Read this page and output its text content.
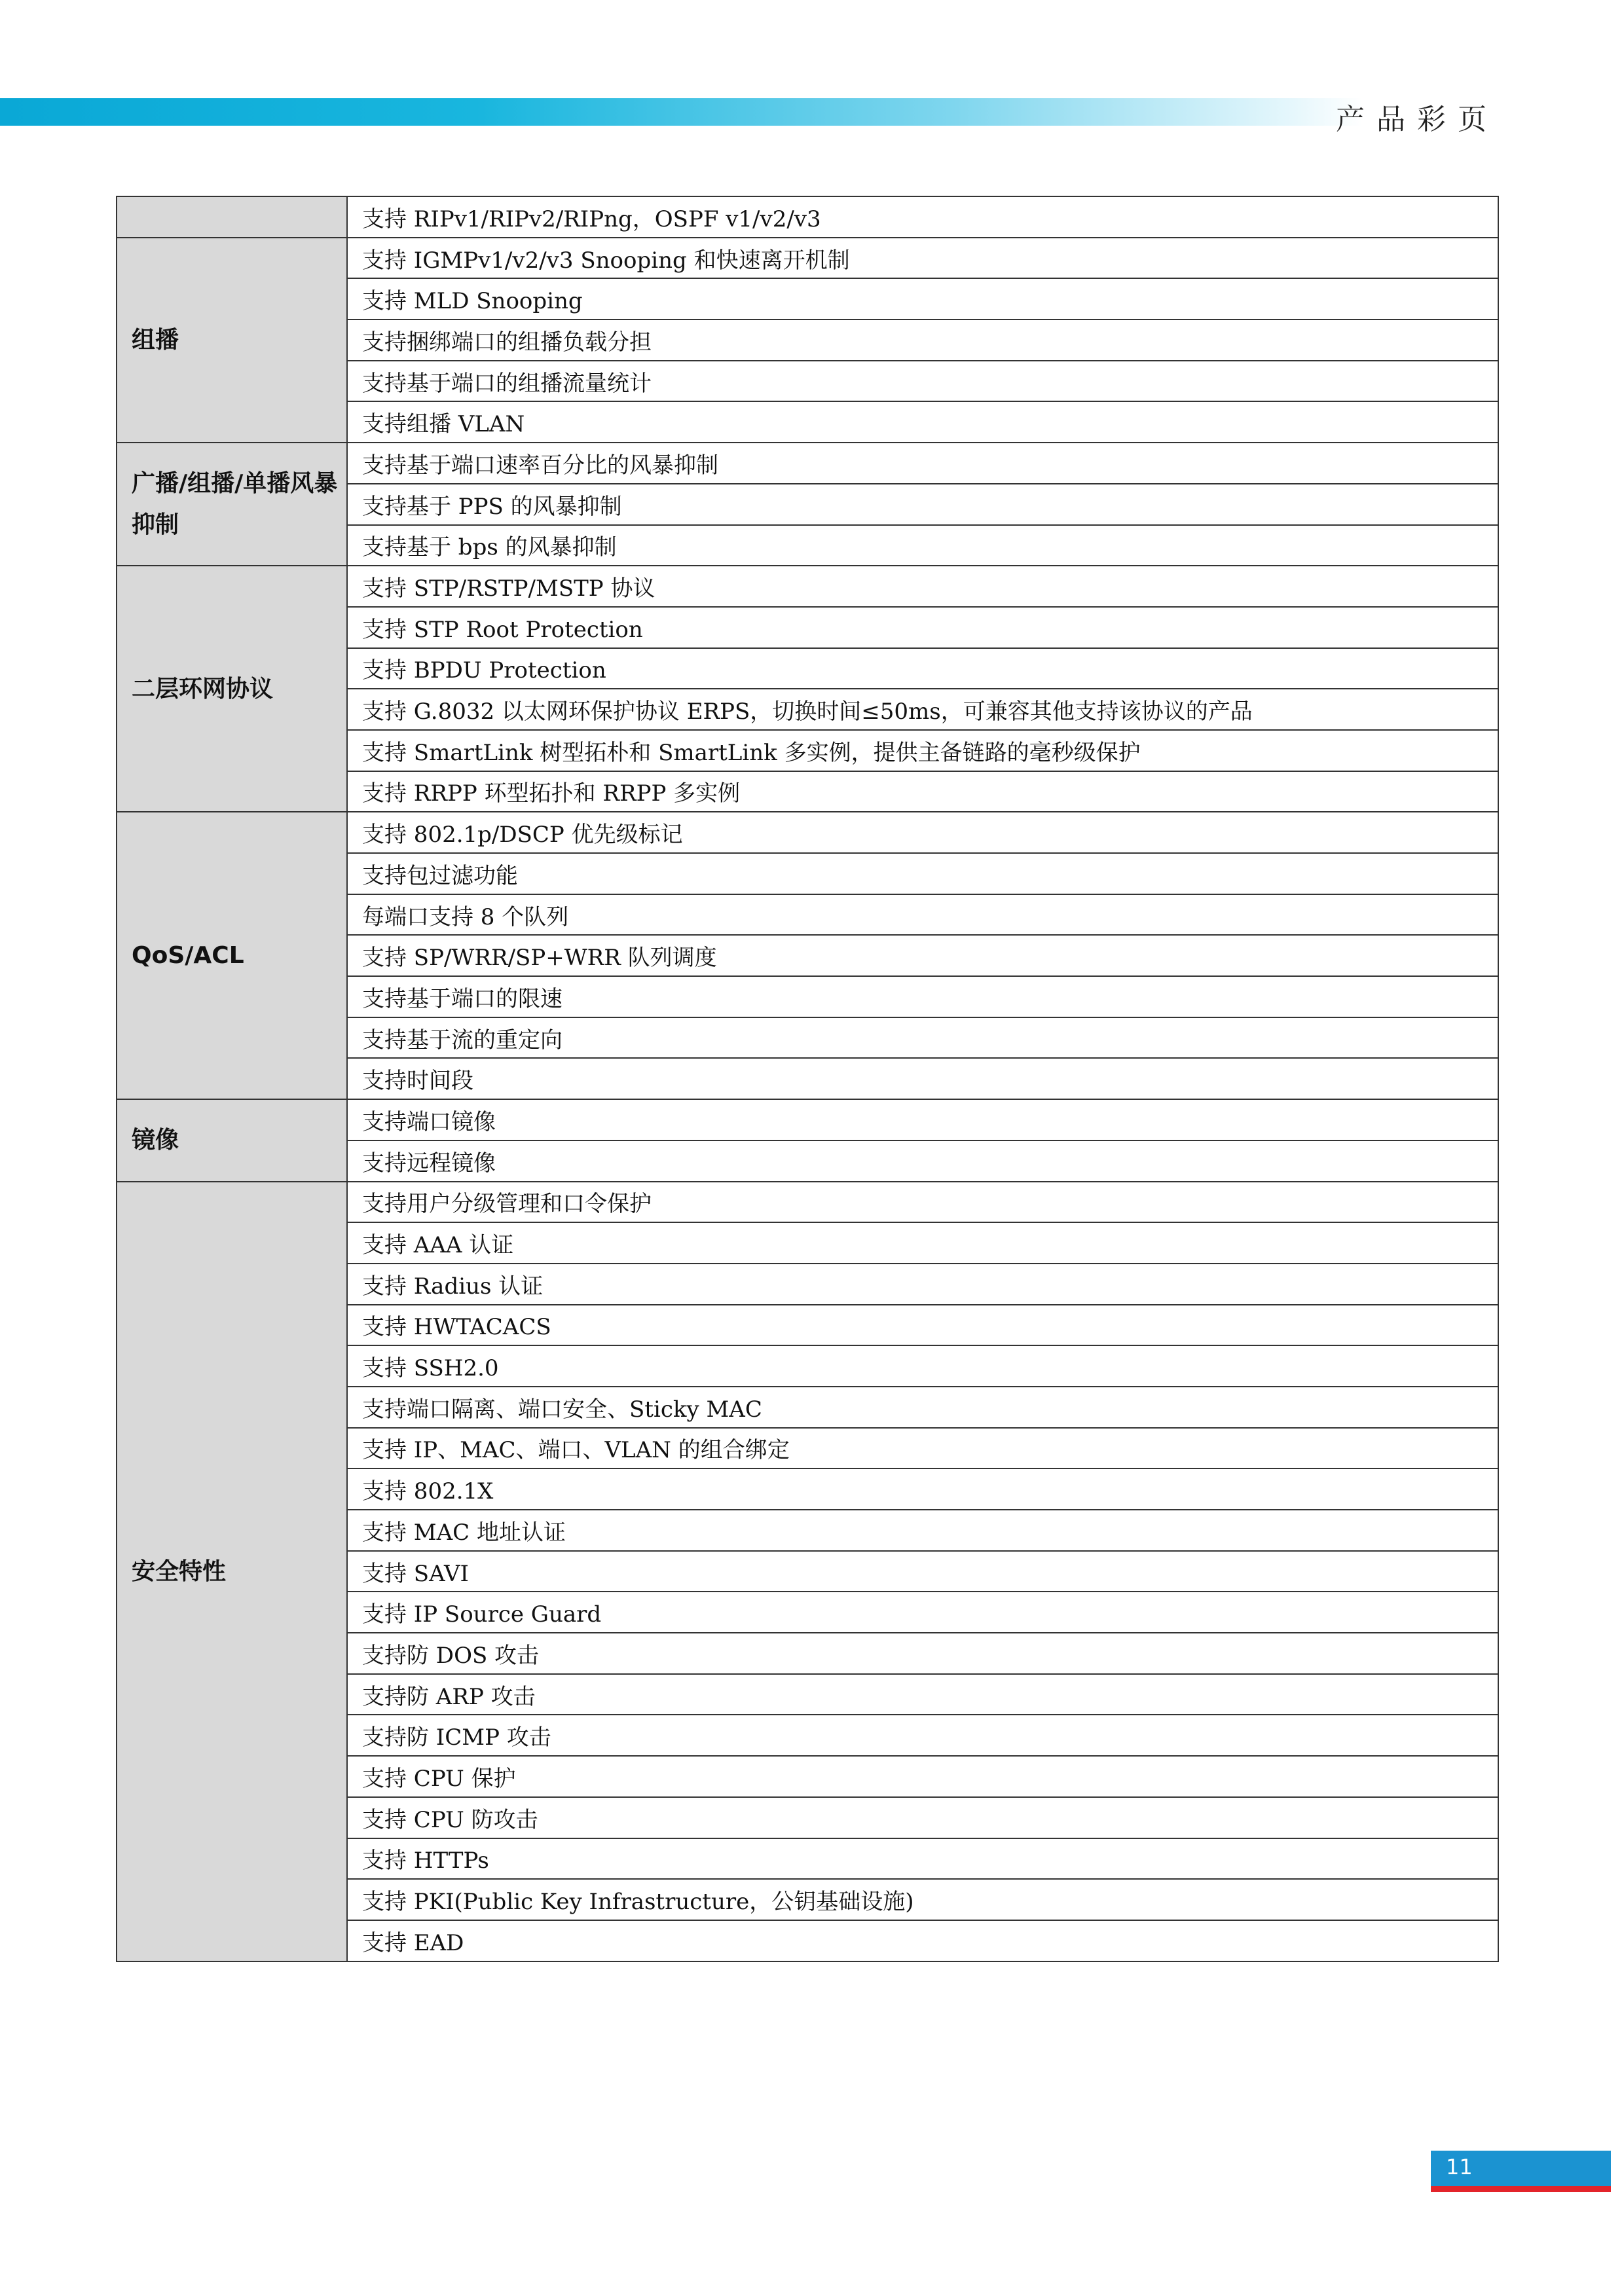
产品彩页
	支持 RIPv1/RIPv2/RIPng，OSPF v1/v2/v3
组播	支持 IGMPv1/v2/v3 Snooping 和快速离开机制
	支持 MLD Snooping
	支持捆绑端口的组播负载分担
	支持基于端口的组播流量统计
	支持组播 VLAN
广播/组播/单播风暴抑制	支持基于端口速率百分比的风暴抑制
	支持基于 PPS 的风暴抑制
	支持基于 bps 的风暴抑制
二层环网协议	支持 STP/RSTP/MSTP 协议
	支持 STP Root Protection
	支持 BPDU Protection
	支持 G.8032 以太网环保护协议 ERPS，切换时间≤50ms，可兼容其他支持该协议的产品
	支持 SmartLink 树型拓朴和 SmartLink 多实例，提供主备链路的毫秒级保护
	支持 RRPP 环型拓扑和 RRPP 多实例
QoS/ACL	支持 802.1p/DSCP 优先级标记
	支持包过滤功能
	每端口支持 8 个队列
	支持 SP/WRR/SP+WRR 队列调度
	支持基于端口的限速
	支持基于流的重定向
	支持时间段
镜像	支持端口镜像
	支持远程镜像
安全特性	支持用户分级管理和口令保护
	支持 AAA 认证
	支持 Radius 认证
	支持 HWTACACS
	支持 SSH2.0
	支持端口隔离、端口安全、Sticky MAC
	支持 IP、MAC、端口、VLAN 的组合绑定
	支持 802.1X
	支持 MAC 地址认证
	支持 SAVI
	支持 IP Source Guard
	支持防 DOS 攻击
	支持防 ARP 攻击
	支持防 ICMP 攻击
	支持 CPU 保护
	支持 CPU 防攻击
	支持 HTTPs
	支持 PKI(Public Key Infrastructure，公钥基础设施)
	支持 EAD
11
